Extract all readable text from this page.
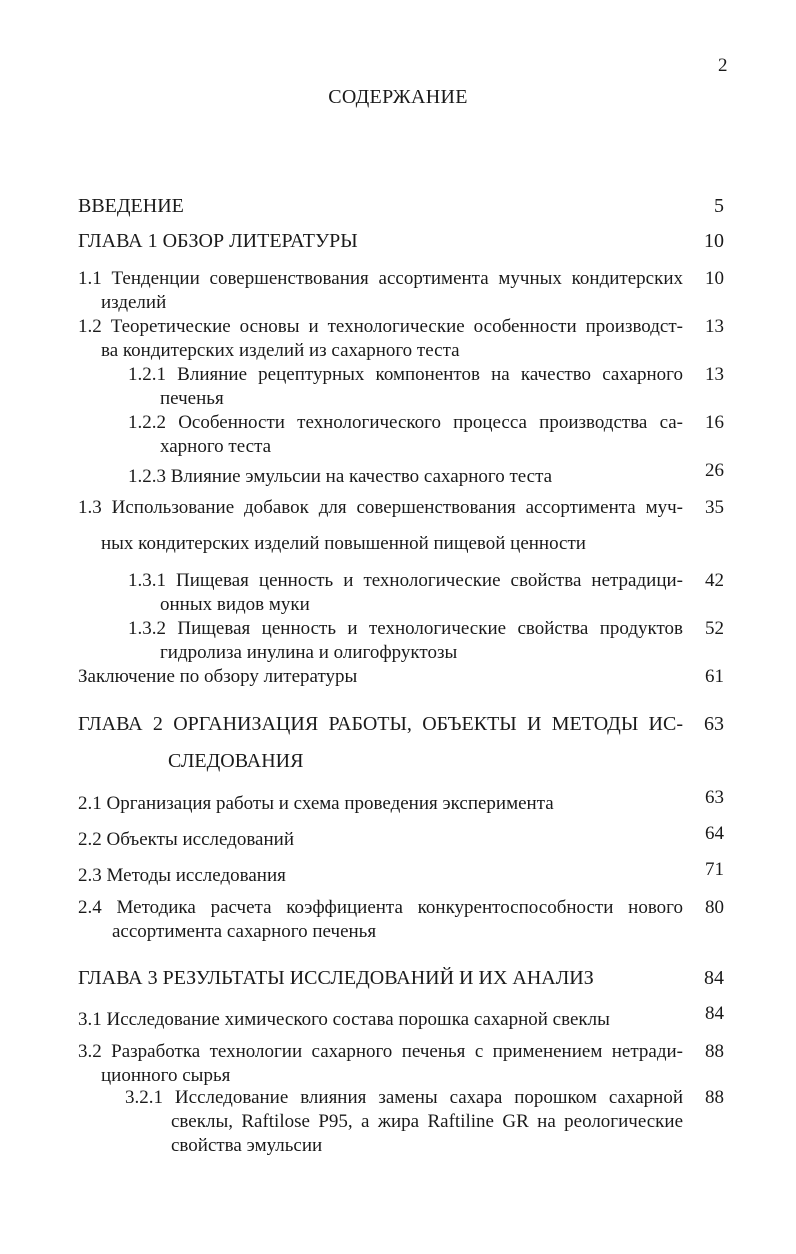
2
СОДЕРЖАНИЕ
ВВЕДЕНИЕ	5
ГЛАВА 1 ОБЗОР ЛИТЕРАТУРЫ	10
1.1 Тенденции совершенствования ассортимента мучных кондитерских
изделий
10
1.2 Теоретические основы и технологические особенности производст-
ва кондитерских изделий из сахарного теста
13
1.2.1 Влияние рецептурных компонентов на качество сахарного
печенья
13
1.2.2 Особенности технологического процесса производства са-
харного теста
16
1.2.3 Влияние эмульсии на качество сахарного теста	26
1.3 Использование добавок для совершенствования ассортимента муч-
ных кондитерских изделий повышенной пищевой ценности
35
1.3.1 Пищевая ценность и технологические свойства нетрадици-
онных видов муки
42
1.3.2 Пищевая ценность и технологические свойства продуктов
гидролиза инулина и олигофруктозы
52
Заключение по обзору литературы	61
ГЛАВА 2 ОРГАНИЗАЦИЯ РАБОТЫ, ОБЪЕКТЫ И МЕТОДЫ ИС-
СЛЕДОВАНИЯ
63
2.1 Организация работы и схема проведения эксперимента	63
2.2 Объекты исследований	64
2.3 Методы исследования	71
2.4 Методика расчета коэффициента конкурентоспособности нового
ассортимента сахарного печенья
80
ГЛАВА 3 РЕЗУЛЬТАТЫ ИССЛЕДОВАНИЙ И ИХ АНАЛИЗ	84
3.1 Исследование химического состава порошка сахарной свеклы	84
3.2 Разработка технологии сахарного печенья с применением нетради-
ционного сырья
88
3.2.1 Исследование влияния замены сахара порошком сахарной
свеклы, Raftilose P95, а жира Raftiline GR на реологические
свойства эмульсии
88
